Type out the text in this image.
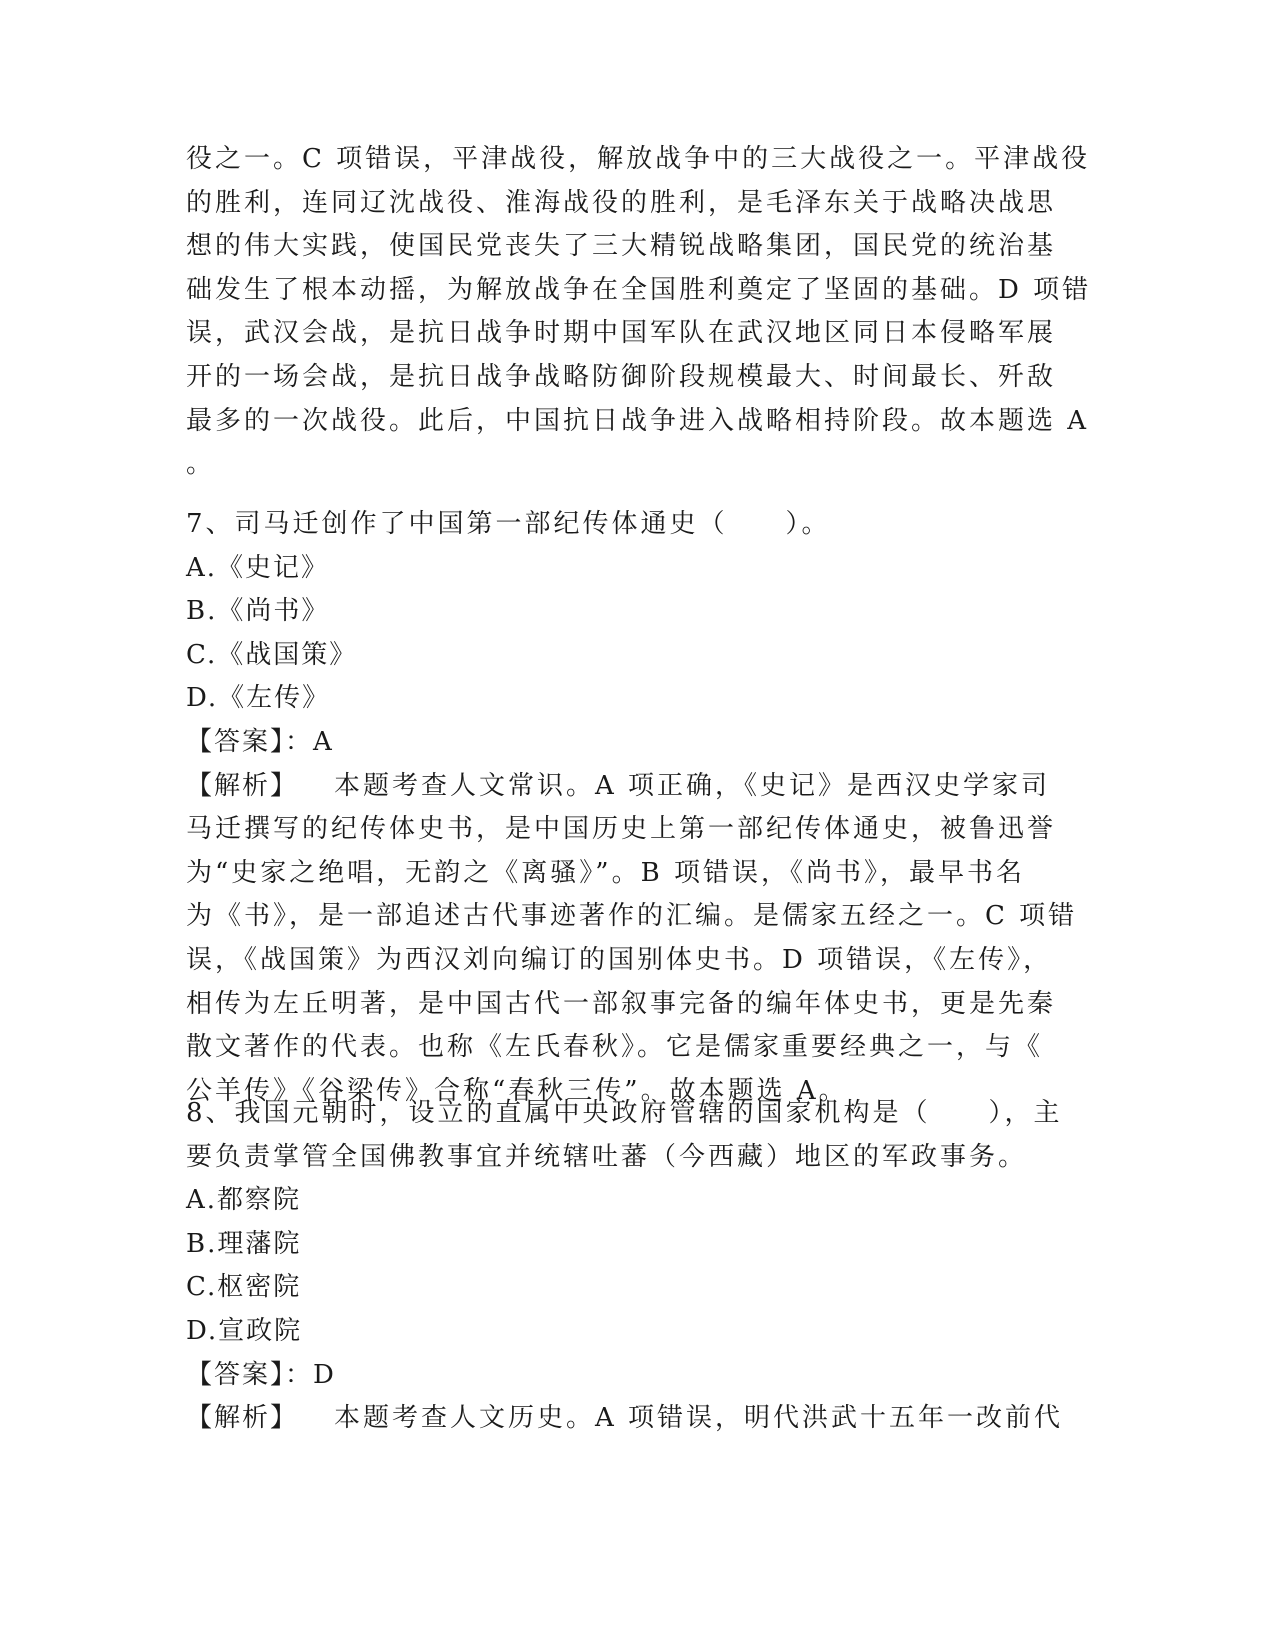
役之一。C 项错误，平津战役，解放战争中的三大战役之一。平津战役
的胜利，连同辽沈战役、淮海战役的胜利，是毛泽东关于战略决战思
想的伟大实践，使国民党丧失了三大精锐战略集团，国民党的统治基
础发生了根本动摇，为解放战争在全国胜利奠定了坚固的基础。D 项错
误，武汉会战，是抗日战争时期中国军队在武汉地区同日本侵略军展
开的一场会战，是抗日战争战略防御阶段规模最大、时间最长、歼敌
最多的一次战役。此后，中国抗日战争进入战略相持阶段。故本题选 A
。
7、司马迁创作了中国第一部纪传体通史（　　）。
A.《史记》
B.《尚书》
C.《战国策》
D.《左传》
【答案】：A
【解析】 本题考查人文常识。A 项正确，《史记》是西汉史学家司
马迁撰写的纪传体史书，是中国历史上第一部纪传体通史，被鲁迅誉
为“史家之绝唱，无韵之《离骚》”。B 项错误，《尚书》，最早书名
为《书》，是一部追述古代事迹著作的汇编。是儒家五经之一。C 项错
误，《战国策》为西汉刘向编订的国别体史书。D 项错误，《左传》，
相传为左丘明著，是中国古代一部叙事完备的编年体史书，更是先秦
散文著作的代表。也称《左氏春秋》。它是儒家重要经典之一，与《
公羊传》《谷梁传》合称“春秋三传”。故本题选 A。
8、我国元朝时，设立的直属中央政府管辖的国家机构是（　　），主
要负责掌管全国佛教事宜并统辖吐蕃（今西藏）地区的军政事务。
A.都察院
B.理藩院
C.枢密院
D.宣政院
【答案】：D
【解析】 本题考查人文历史。A 项错误，明代洪武十五年一改前代
